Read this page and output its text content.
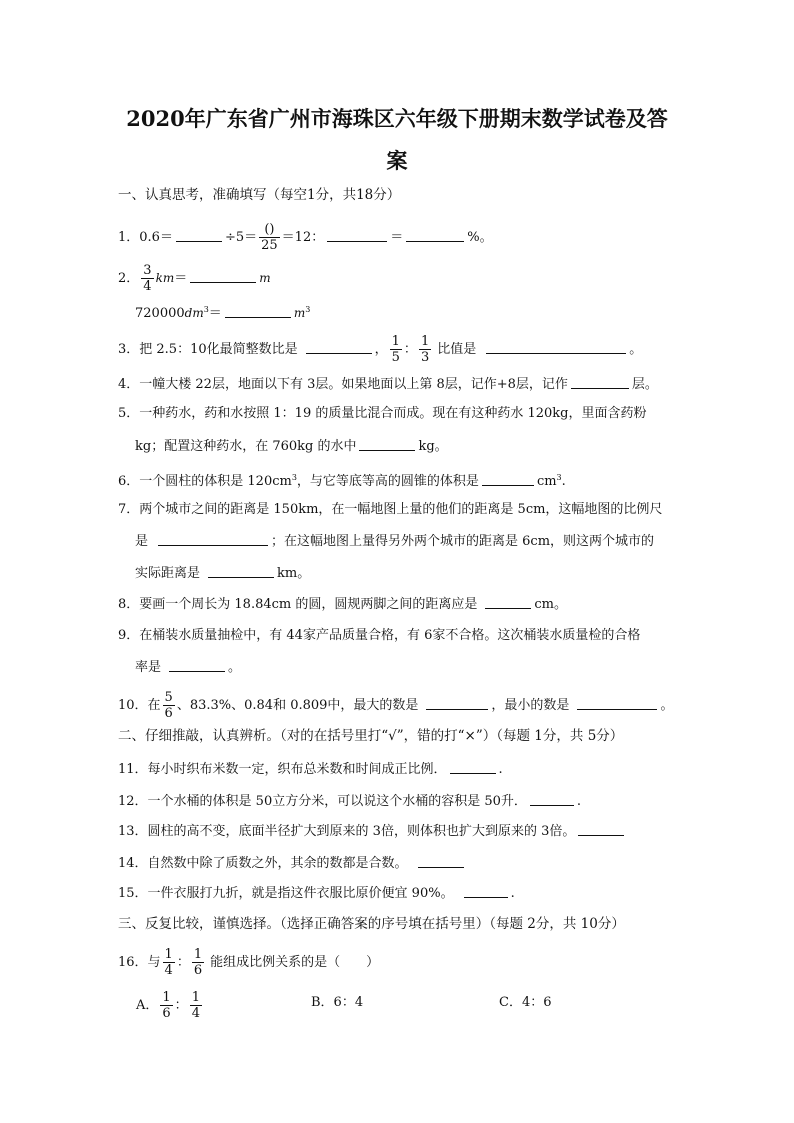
2020年广东省广州市海珠区六年级下册期末数学试卷及答
案
一、认真思考，准确填写（每空1分，共18分）
1．0.6＝	$\div 5= \frac{()}{25} =12$：	＝	%。
2． $\frac{3}{4} km=$	m
$720000dm^3=$	$m^3$
3．把 2.5：10化最简整数比是	， $\frac{1}{5}$ ： $\frac{1}{3}$ 比值是	。
4．一幢大楼 22层，地面以下有 3层。如果地面以上第 8层，记作+8层，记作	层。
5．一种药水，药和水按照 1：19 的质量比混合而成。现在有这种药水 120kg，里面含药粉
kg；配置这种药水，在 760kg 的水中	kg。
6．一个圆柱的体积是 $120cm^3$，与它等底等高的圆锥的体积是	$cm^3$.
7．两个城市之间的距离是 150km，在一幅地图上量的他们的距离是 5cm，这幅地图的比例尺
是	；在这幅地图上量得另外两个城市的距离是 6cm，则这两个城市的
实际距离是	km。
8．要画一个周长为 18.84cm 的圆，圆规两脚之间的距离应是	cm。
9．在桶装水质量抽检中，有 44家产品质量合格，有 6家不合格。这次桶装水质量检的合格
率是	。
10．在 $\frac{5}{6}$ 、83.3%、0.84和 0.809中，最大的数是	，最小的数是	。
二、仔细推敲，认真辨析。（对的在括号里打“√”，错的打“×”）（每题 1分，共 5分）
11．每小时织布米数一定，织布总米数和时间成正比例．	.
12．一个水桶的体积是 50立方分米，可以说这个水桶的容积是 50升．	.
13．圆柱的高不变，底面半径扩大到原来的 3倍，则体积也扩大到原来的 3倍。
14．自然数中除了质数之外，其余的数都是合数。
15．一件衣服打九折，就是指这件衣服比原价便宜 90%。	.
三、反复比较，谨慎选择。（选择正确答案的序号填在括号里）（每题 2分，共 10分）
16．与 $\frac{1}{4}$ ： $\frac{1}{6}$ 能组成比例关系的是（　　）
A． $\frac{1}{6}$ ： $\frac{1}{4}$	B．6：4	C．4：6
